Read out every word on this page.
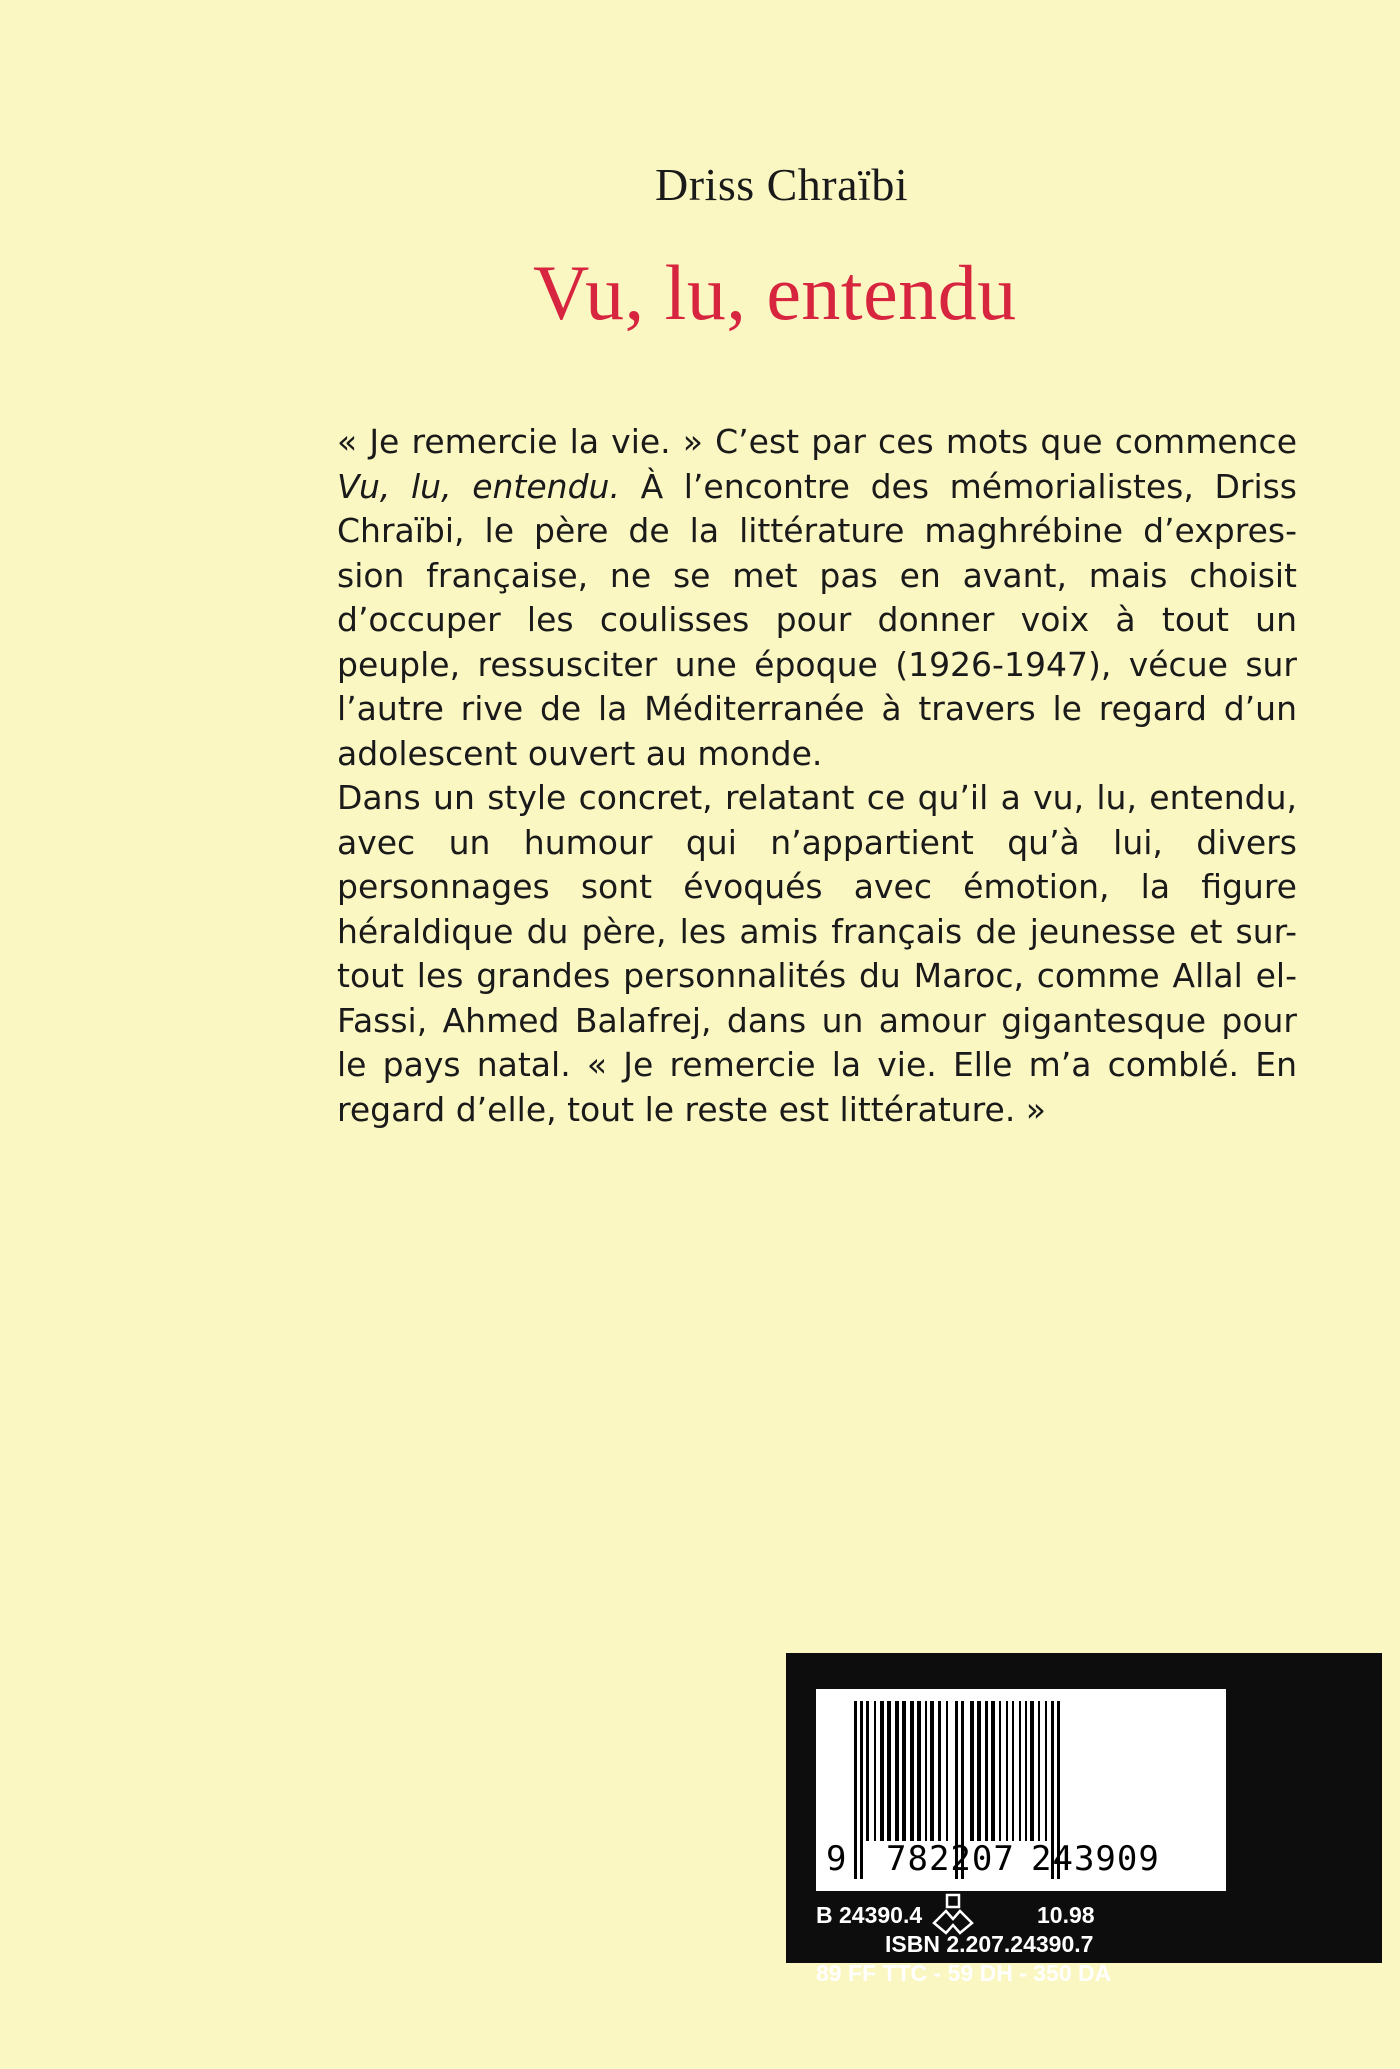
Driss Chraïbi
Vu, lu, entendu

« Je remercie la vie. » C’est par ces mots que commence Vu, lu, entendu. À l’encontre des mémorialistes, Driss Chraïbi, le père de la littérature maghrébine d’expres-sion française, ne se met pas en avant, mais choisit d’occuper les coulisses pour donner voix à tout un peuple, ressusciter une époque (1926-1947), vécue sur l’autre rive de la Méditerranée à travers le regard d’un adolescent ouvert au monde.

Dans un style concret, relatant ce qu’il a vu, lu, entendu, avec un humour qui n’appartient qu’à lui, divers personnages sont évoqués avec émotion, la figure héraldique du père, les amis français de jeunesse et sur-tout les grandes personnalités du Maroc, comme Allal el-Fassi, Ahmed Balafrej, dans un amour gigantesque pour le pays natal. « Je remercie la vie. Elle m’a comblé. En regard d’elle, tout le reste est littérature. »

9 782207 243909
B 24390.4	10.98
ISBN 2.207.24390.7
89 FF TTC - 59 DH - 350 DA
